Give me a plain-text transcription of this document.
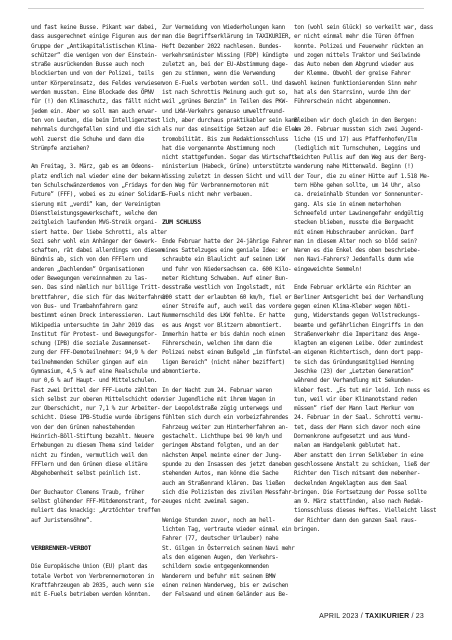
und fast keine Busse. Pikant war dabei,
dass ausgerechnet einige Figuren aus der
Gruppe der „Antikapitalistischen Klima-
schützer“ die wenigen von der Einstein-
straße ausrückenden Busse auch noch
blockierten und von der Polizei, teils
unter Körpereinsatz, des Feldes verwiesen
werden mussten. Eine Blockade des ÖPNV
für (!) den Klimaschutz, das fällt nicht
jedem ein. Aber wo soll man auch erwar-
ten von Leuten, die beim Intelligenztest
mehrmals durchgefallen sind und die sich
wohl zuerst die Schuhe und dann die
Strümpfe anziehen?
Am Freitag, 3. März, gab es am Odeons-
platz endlich mal wieder eine der bekann-
ten Schulschwänzerdemos von „Fridays for
Future“ (FFF), wobei es zu einer Solidari-
sierung mit „verdi“ kam, der Vereinigten
Dienstleistungsgewerkschaft, welche den
zeitgleich laufenden MVG-Streik organi-
siert hatte. Der liebe Schrotti, als alter
Sozi sehr wohl ein Anhänger der Gewerk-
schaften, rät dabei allerdings von diesem
Bündnis ab, sich von den FFFlern und
anderen „Dachlenden“ Organisationen
oder Bewegungen vereinnahmen zu las-
sen. Das sind nämlich nur billige Tritt-
brettfahrer, die sich für das Weiterfahren
von Bus- und Trambahnfahrern ganz
bestimmt einen Dreck interessieren. Laut
Wikipedia untersuchte im Jahr 2019 das
Institut für Protest- und Bewegungsfor-
schung (IPB) die soziale Zusammenset-
zung der FFF-Demoteilnehmer: 94,9 % der
teilnehmenden Schüler gingen auf ein
Gymnasium, 4,5 % auf eine Realschule und
nur 0,6 % auf Haupt- und Mittelschulen.
Fast zwei Drittel der FFF-Leute zählten
sich selbst zur oberen Mittelschicht oder
zur Oberschicht, nur 7,1 % zur Arbeiter-
schicht. Diese IPB-Studie wurde übrigens
von der den Grünen nahestehenden
Heinrich-Böll-Stiftung bezahlt. Neuere
Erhebungen zu diesem Thema sind leider
nicht zu finden, vermutlich weil den
FFFlern und den Grünen diese elitäre
Abgehobenheit selbst peinlich ist.
Der Buchautor Clemens Traub, früher
selbst glühender FFF-Mitdemonstrant, for-
muliert das knackig: „Arztöchter treffen
auf Juristensöhne“.
VERBRENNER-VERBOT
Die Europäische Union (EU) plant das
totale Verbot von Verbrennermotoren in
Kraftfahrzeugen ab 2035, auch wenn sie
mit E-Fuels betrieben werden könnten.
Zur Vermeidung von Wiederholungen kann
man die Begriffserklärung im TAXIKURIER,
Heft Dezember 2022 nachlesen. Bundes-
verkehrsminister Wissing (FDP) kündigte
zuletzt an, bei der EU-Abstimmung dage-
gen zu stimmen, wenn die Verwendung
von E-Fuels verboten werden soll. Und das
ist nach Schrottis Meinung auch gut so,
weil „grünes Benzin“ in Teilen des PKW-
und LKW-Verkehrs genauso umweltfreund-
lich, aber durchaus praktikabler sein kann
als nur das einseitige Setzen auf die Elek-
tromobilität. Bis zum Redaktionsschluss
hat die vorgenannte Abstimmung noch
nicht stattgefunden. Sogar das Wirtschafts-
ministerium (Habeck, Grüne) unterstützte
Wissing zuletzt in dessen Sicht und will
den Weg für Verbrennermotoren mit
E-Fuels nicht mehr verbauen.
ZUM SCHLUSS
Ende Februar hatte der 24-jährige Fahrer
eines Sattelzuges eine geniale Idee: er
schraubte ein Blaulicht auf seinen LKW
und fuhr von Niedersachsen ca. 600 Kilo-
meter Richtung Schwaben. Auf einer Bun-
desstraße westlich von Ingolstadt, mit
100 statt der erlaubten 60 km/h, fiel er
einer Streife auf, auch weil das vordere
Nummernschild des LKW fehlte. Er hatte
es aus Angst vor Blitzern abmontiert.
Immerhin hatte er bis dahin noch einen
Führerschein, welchen ihm dann die
Polizei nebst einem Bußgeld „im fünfstel-
ligen Bereich“ (nicht näher beziffert)
abmontierte.
In der Nacht zum 24. Februar waren
vier Jugendliche mit ihrem Wagen in
der Leopoldstraße zügig unterwegs und
fühlten sich durch ein vorbeizfahrendes
Fahrzeug weiter zum Hinterherfahren an-
gestachelt. Lichthupe bei 90 km/h und
geringem Abstand folgten, und an der
nächsten Ampel meinte einer der Jung-
spunde zu den Insassen des jetzt daneben
stehenden Autos, man könne die Sache
auch am Straßenrand klären. Das ließen
sich die Polizisten des zivilen Messfahr-
zeuges nicht zweimal sagen.
Wenige Stunden zuvor, noch am hell-
lichten Tag, vertraute wieder einmal ein
Fahrer (77, deutscher Urlauber) nahe
St. Gilgen in Österreich seinem Navi mehr
als den eigenen Augen, den Verkehrs-
schildern sowie entgegenkommenden
Wanderern und befuhr mit seinem BMW
einen reinen Wanderweg, bis er zwischen
der Felswand und einem Geländer aus Be-
ton (wohl sein Glück) so verkeilt war, dass
er nicht einmal mehr die Türen öffnen
konnte. Polizei und Feuerwehr rückten an
und zogen mittels Traktor und Seilwinde
das Auto neben dem Abgrund wieder aus
der Klemme. Obwohl der greise Fahrer
wohl keinen funktionierenden Sinn mehr
hat als den Starrsinn, wurde ihm der
Führerschein nicht abgenommen.
Bleiben wir doch gleich in den Bergen:
am 20. Februar mussten sich zwei Jugend-
liche (15 und 17) aus Pfaffenhofen/Ilm
(lediglich mit Turnschuhen, Leggins und
leichten Pullis auf dem Weg aus der Berg-
wanderung nahe Mittenwald. Beginn (!)
der Tour, die zu einer Hütte auf 1.518 Me-
tern Höhe gehen sollte, um 14 Uhr, also
ca. dreieinhalb Stunden vor Sonnenunter-
gang. Als sie in einem meterhohen
Schneefeld unter Lawinengefahr endgültig
stecken blieben, musste die Bergwacht
mit einem Hubschrauber anrücken. Darf
man in diesem Alter noch so blöd sein?
Waren es die Enkel des oben beschriebe-
nen Navi-Fahrers? Jedenfalls dumm wie
eingeweichte Semmeln!
Ende Februar erklärte ein Richter am
Berliner Amtsgericht bei der Verhandlung
gegen einen Klima-Kleber wegen Nöti-
gung, Widerstands gegen Vollstreckungs-
beamte und gefährlichen Eingriffs in den
Straßenverkehr die Imperitanz des Ange-
klagten am eigenen Leibe. Oder zumindest
am eigenen Richtertisch, denn dort papp-
te sich das Gründungsmitglied Henning
Jeschke (23) der „Letzten Generation“
während der Verhandlung mit Sekunden-
kleber fest. „Es tut mir leid. Ich muss es
tun, weil wir über Klimanotstand reden
müssen“ rief der Mann laut Merkur vom
24. Februar in der Saal. Schrotti vermu-
tet, dass der Mann sich davor noch eine
Dornenkrone aufgesetzt und aus Wund-
malen am Handgelenk geblutet hat.
Aber anstatt den irren Selkleber in eine
geschlossene Anstalt zu schicken, ließ der
Richter den Tisch mitsamt dem nebenher-
deckelnden Angeklagten aus dem Saal
bringen. Die Fortsetzung der Posse sollte
am 9. März stattfinden, also nach Redak-
tionsschluss dieses Heftes. Vielleicht lässt
der Richter dann den ganzen Saal raus-
bringen.
APRIL 2023 / TAXIKURIER / 23
